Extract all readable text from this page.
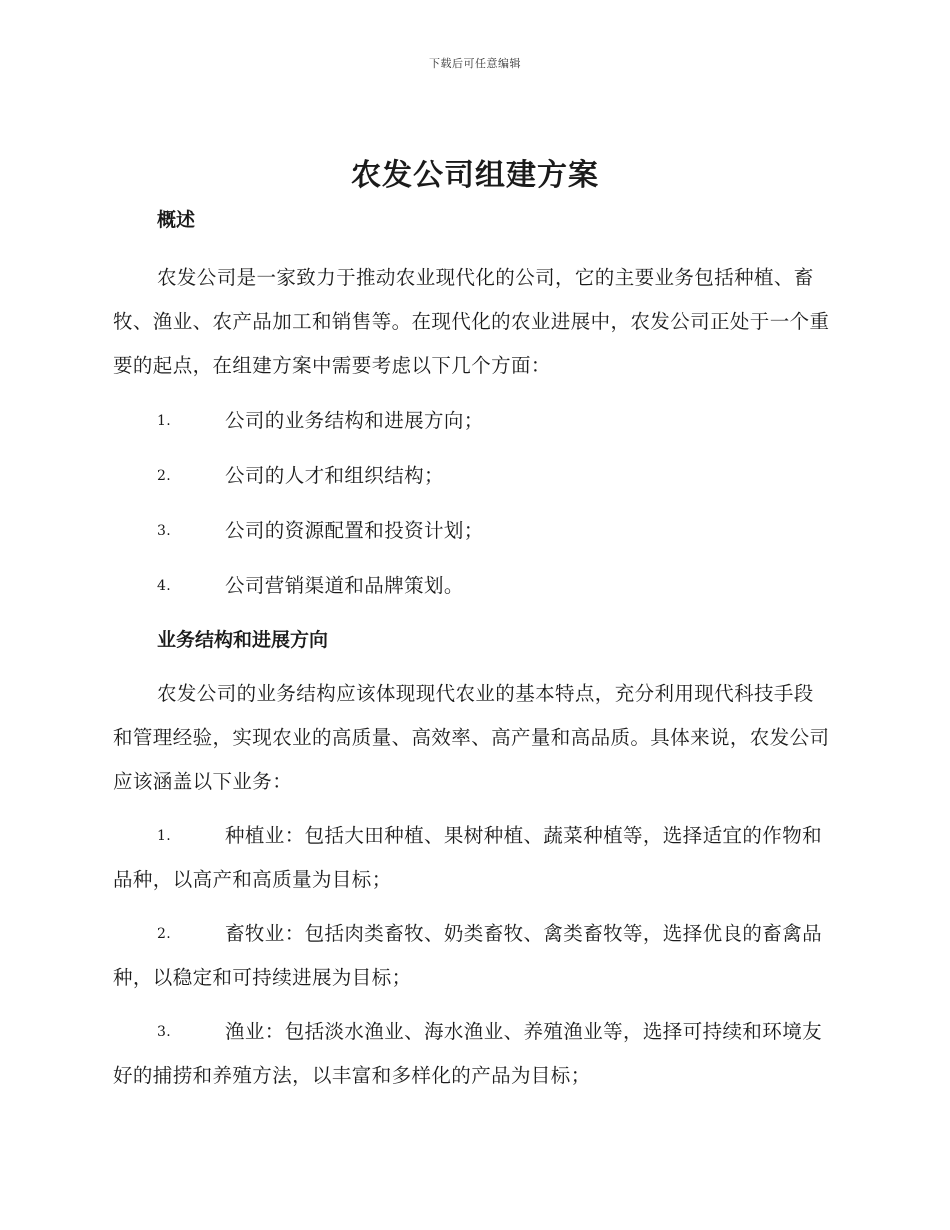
下载后可任意编辑
农发公司组建方案
概述

农发公司是一家致力于推动农业现代化的公司，它的主要业务包括种植、畜牧、渔业、农产品加工和销售等。在现代化的农业进展中，农发公司正处于一个重要的起点，在组建方案中需要考虑以下几个方面：

1.	公司的业务结构和进展方向；
2.	公司的人才和组织结构；
3.	公司的资源配置和投资计划；
4.	公司营销渠道和品牌策划。
业务结构和进展方向

农发公司的业务结构应该体现现代农业的基本特点，充分利用现代科技手段和管理经验，实现农业的高质量、高效率、高产量和高品质。具体来说，农发公司应该涵盖以下业务：

1.	种植业：包括大田种植、果树种植、蔬菜种植等，选择适宜的作物和品种，以高产和高质量为目标；
2.	畜牧业：包括肉类畜牧、奶类畜牧、禽类畜牧等，选择优良的畜禽品种，以稳定和可持续进展为目标；
3.	渔业：包括淡水渔业、海水渔业、养殖渔业等，选择可持续和环境友好的捕捞和养殖方法，以丰富和多样化的产品为目标；
